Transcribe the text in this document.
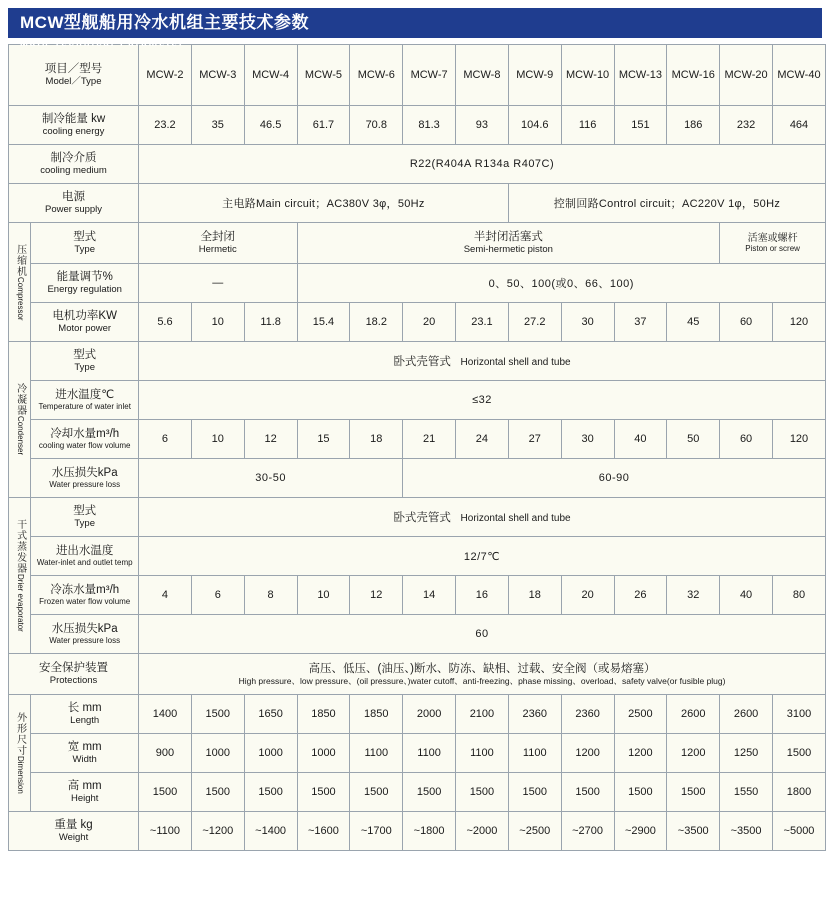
MCW型舰船用冷水机组主要技术参数
Main Technical Parameter
项目／型号
Model／Type		MCW-2	MCW-3	MCW-4	MCW-5	MCW-6	MCW-7	MCW-8	MCW-9	MCW-10	MCW-13	MCW-16	MCW-20	MCW-40

制冷能量 kw
cooling energy		23.2	35	46.5	61.7	70.8	81.3	93	104.6	116	151	186	232	464

制冷介质
cooling medium		R22(R404A R134a R407C)												

电源
Power supply		主电路Main circuit；AC380V 3φ，50Hz							控制回路Control circuit；AC220V 1φ，50Hz					

压缩机
Compressor	型式
Type	全封闭
Hermetic			半封闭活塞式
Semi-hermetic piston								活塞或螺杆
Piston or screw	

	能量调节%
Energy regulation	—			0、50、100(或0、66、100)									

	电机功率KW
Motor power	5.6	10	11.8	15.4	18.2	20	23.1	27.2	30	37	45	60	120

冷凝器
Condenser	型式
Type	卧式壳管式 Horizontal shell and tube												

	进水温度℃
Temperature of water inlet	≤32												

	冷却水量m³/h
cooling water flow volume	6	10	12	15	18	21	24	27	30	40	50	60	120

	水压损失kPa
Water pressure loss	30-50					60-90							

干式蒸发器
Drier evaporator	型式
Type	卧式壳管式 Horizontal shell and tube												

	进出水温度
Water-inlet and outlet temp	12/7℃												

	冷冻水量m³/h
Frozen water flow volume	4	6	8	10	12	14	16	18	20	26	32	40	80

	水压损失kPa
Water pressure loss	60												

安全保护装置
Protections		高压、低压、(油压、)断水、防冻、缺相、过载、安全阀（或易熔塞）
High pressure、low pressure、(oil pressure、)water cutoff、anti-freezing、phase missing、overload、safety valve(or fusible plug)												

外形尺寸
Dimension	长 mm
Length	1400	1500	1650	1850	1850	2000	2100	2360	2360	2500	2600	2600	3100

	宽 mm
Width	900	1000	1000	1000	1100	1100	1100	1100	1200	1200	1200	1250	1500

	高 mm
Height	1500	1500	1500	1500	1500	1500	1500	1500	1500	1500	1500	1550	1800

重量 kg
Weight		~1100	~1200	~1400	~1600	~1700	~1800	~2000	~2500	~2700	~2900	~3500	~3500	~5000
